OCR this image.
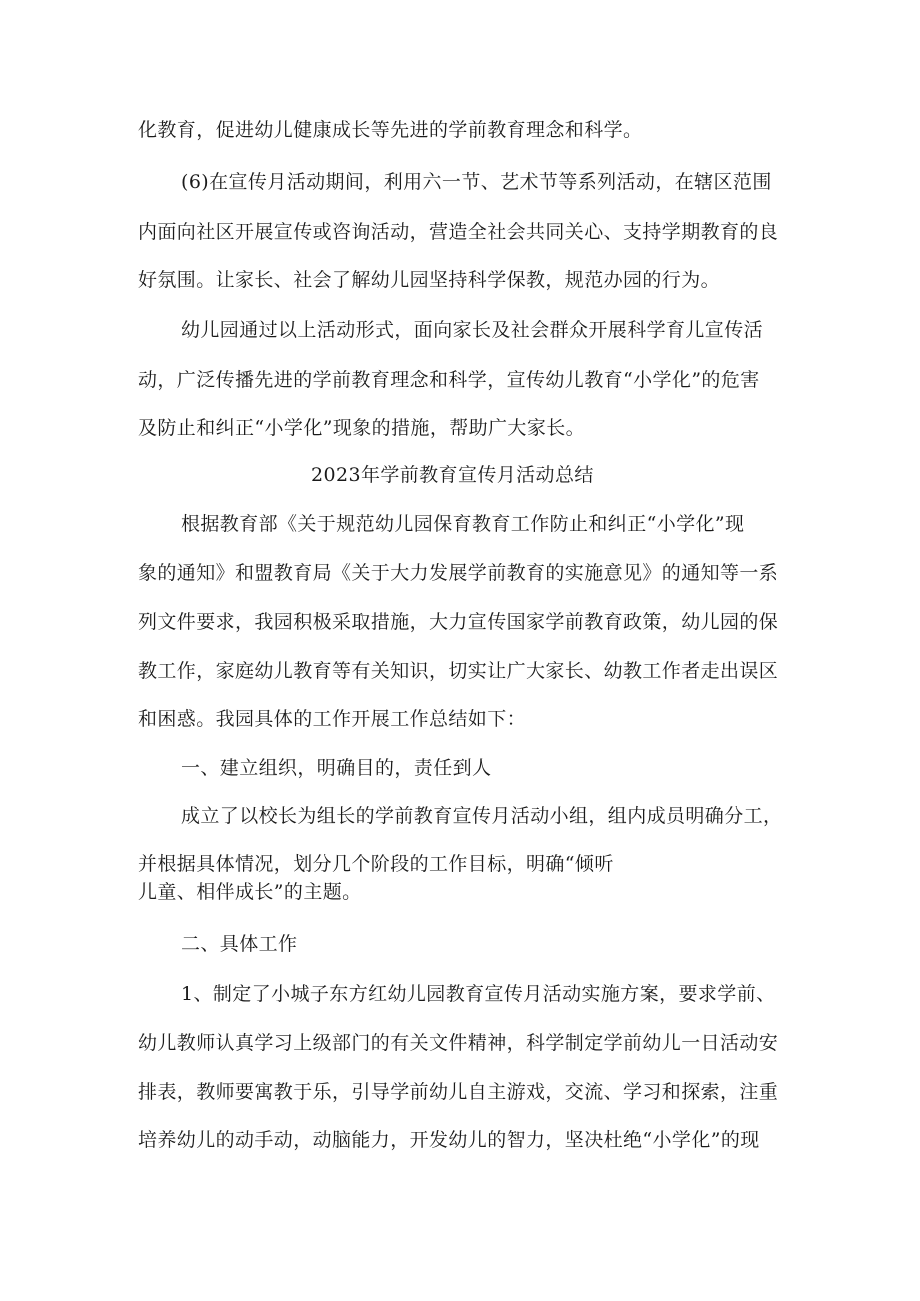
化教育，促进幼儿健康成长等先进的学前教育理念和科学。
(6)在宣传月活动期间，利用六一节、艺术节等系列活动，在辖区范围
内面向社区开展宣传或咨询活动，营造全社会共同关心、支持学期教育的良
好氛围。让家长、社会了解幼儿园坚持科学保教，规范办园的行为。
幼儿园通过以上活动形式，面向家长及社会群众开展科学育儿宣传活
动，广泛传播先进的学前教育理念和科学，宣传幼儿教育“小学化”的危害
及防止和纠正“小学化”现象的措施，帮助广大家长。
2023年学前教育宣传月活动总结
根据教育部《关于规范幼儿园保育教育工作防止和纠正“小学化”现
象的通知》和盟教育局《关于大力发展学前教育的实施意见》的通知等一系
列文件要求，我园积极采取措施，大力宣传国家学前教育政策，幼儿园的保
教工作，家庭幼儿教育等有关知识，切实让广大家长、幼教工作者走出误区
和困惑。我园具体的工作开展工作总结如下：
一、建立组织，明确目的，责任到人
成立了以校长为组长的学前教育宣传月活动小组，组内成员明确分工，
并根据具体情况，划分几个阶段的工作目标，明确“倾听
儿童、相伴成长”的主题。
二、具体工作
1、制定了小城子东方红幼儿园教育宣传月活动实施方案，要求学前、
幼儿教师认真学习上级部门的有关文件精神，科学制定学前幼儿一日活动安
排表，教师要寓教于乐，引导学前幼儿自主游戏，交流、学习和探索，注重
培养幼儿的动手动，动脑能力，开发幼儿的智力，坚决杜绝“小学化”的现
